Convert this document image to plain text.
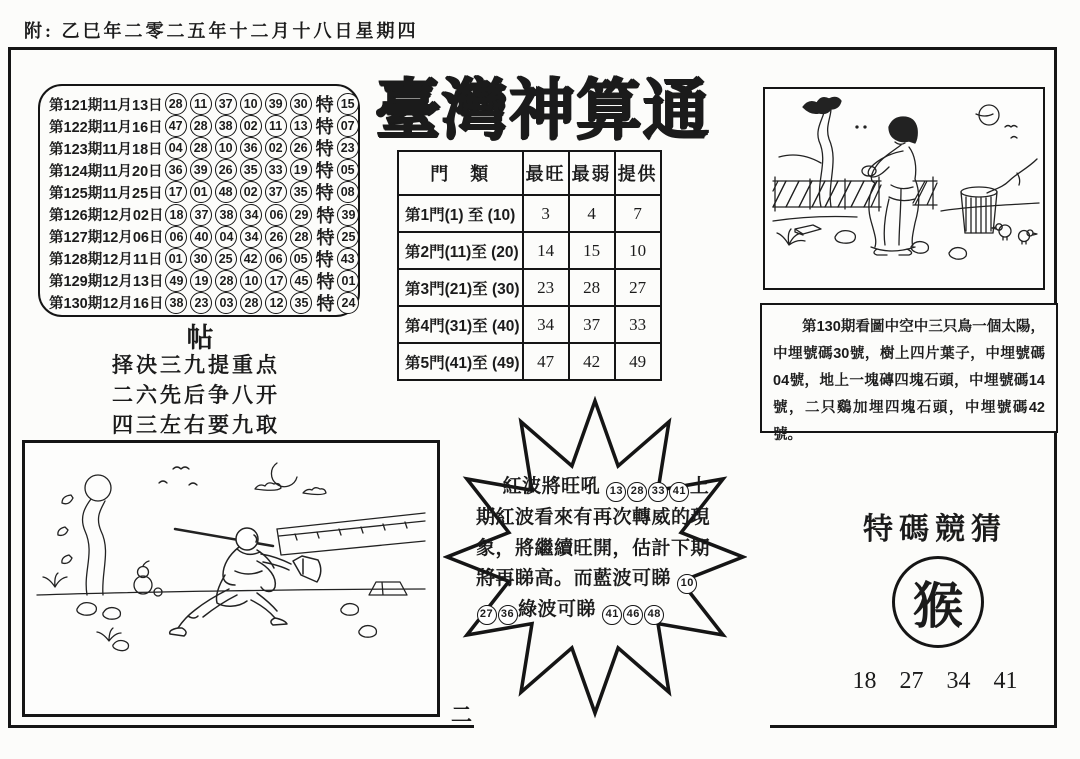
附: 乙巳年二零二五年十二月十八日星期四
第121期11月13日 28 11 37 10 39 30 特 15
第122期11月16日 47 28 38 02 11 13 特 07
第123期11月18日 04 28 10 36 02 26 特 23
第124期11月20日 36 39 26 35 33 19 特 05
第125期11月25日 17 01 48 02 37 35 特 08
第126期12月02日 18 37 38 34 06 29 特 39
第127期12月06日 06 40 04 34 26 28 特 25
第128期12月11日 01 30 25 42 06 05 特 43
第129期12月13日 49 19 28 10 17 45 特 01
第130期12月16日 38 23 03 28 12 35 特 24
臺灣神算通
門　類	最旺	最弱	提供
第1門(1) 至 (10)	3	4	7
第2門(11)至 (20)	14	15	10
第3門(21)至 (30)	23	28	27
第4門(31)至 (40)	34	37	33
第5門(41)至 (49)	47	42	49
帖
择决三九提重点
二六先后争八开
四三左右要九取

第130期看圖中空中三只鳥一個太陽，中埋號碼30號，樹上四片葉子，中埋號碼04號，地上一塊磚四塊石頭，中埋號碼14號，二只鷄加埋四塊石頭，中埋號碼42號。

紅波將旺吼 13 28 33 41 上期紅波看來有再次轉威的現象，將繼續旺開，估計下期將再睇高。而藍波可睇 1027 36 綠波可睇 41 46 48
特碼競猜
猴
18 27 34 41
二
